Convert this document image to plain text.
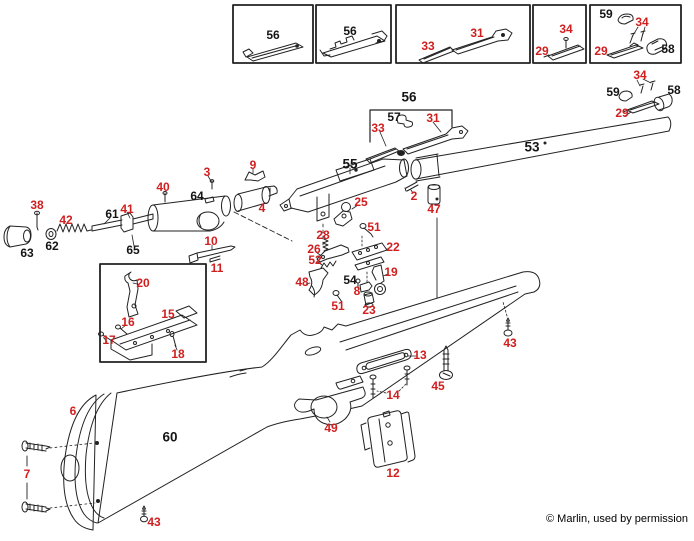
56	56
33
31	34
29
59
34
29	58
56
57 31
33
53
59
34
58
29
38
42	61 41
40
64
3	9
4
63 62	65
10
11
55
2
47
25
51
28
26	22
52
19
48	54
8
51 23
20
15
16
17
18
6
60
7
43
49
13
14
45
12
43	© Marlin, used by permission
